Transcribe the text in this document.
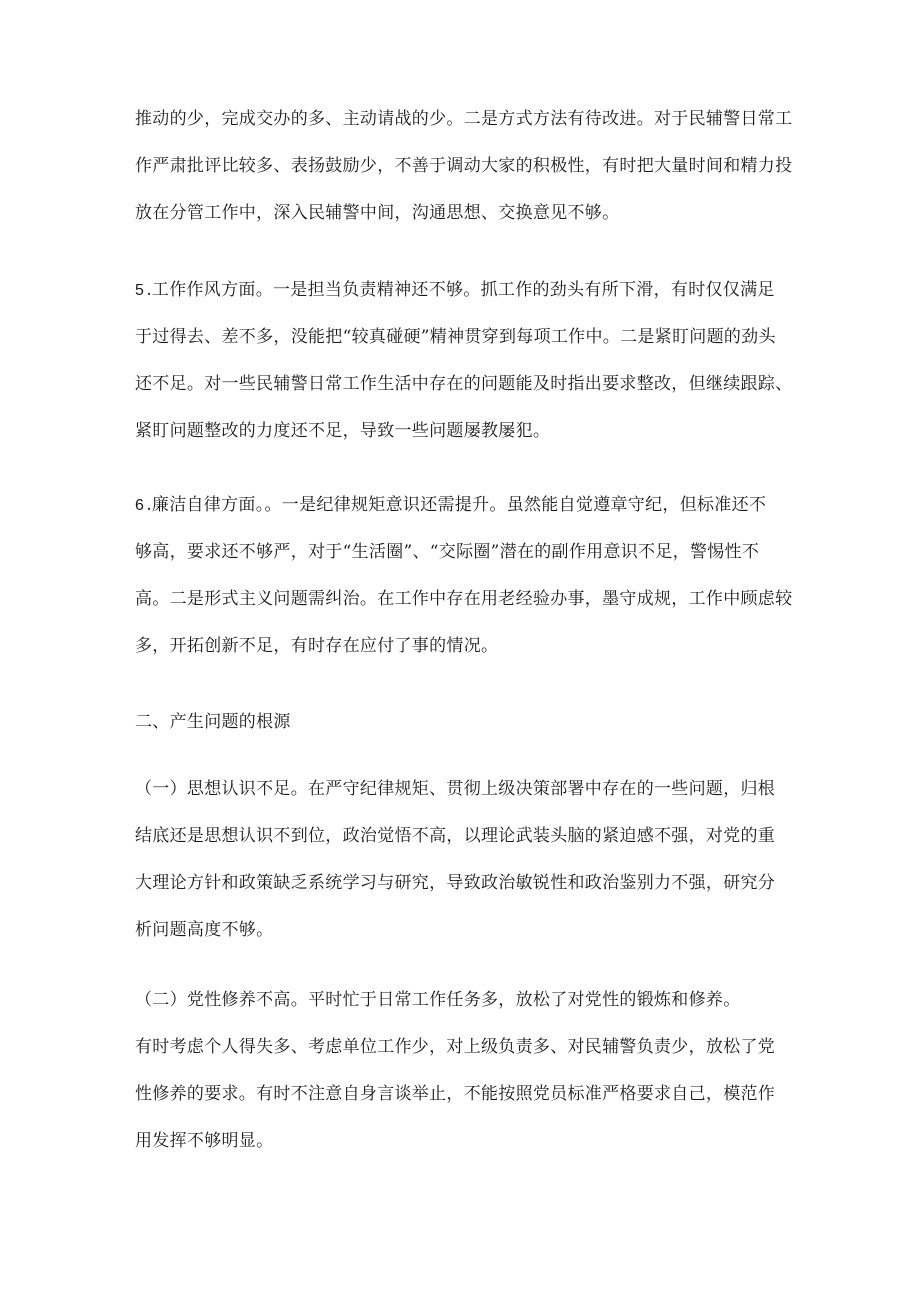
推动的少，完成交办的多、主动请战的少。二是方式方法有待改进。对于民辅警日常工
作严肃批评比较多、表扬鼓励少，不善于调动大家的积极性，有时把大量时间和精力投
放在分管工作中，深入民辅警中间，沟通思想、交换意见不够。
5 .工作作风方面。一是担当负责精神还不够。抓工作的劲头有所下滑，有时仅仅满足
于过得去、差不多，没能把“较真碰硬”精神贯穿到每项工作中。二是紧盯问题的劲头
还不足。对一些民辅警日常工作生活中存在的问题能及时指出要求整改，但继续跟踪、
紧盯问题整改的力度还不足，导致一些问题屡教屡犯。
6 .廉洁自律方面。。一是纪律规矩意识还需提升。虽然能自觉遵章守纪，但标准还不
够高，要求还不够严，对于“生活圈”、“交际圈”潜在的副作用意识不足，警惕性不
高。二是形式主义问题需纠治。在工作中存在用老经验办事，墨守成规，工作中顾虑较
多，开拓创新不足，有时存在应付了事的情况。
二、产生问题的根源
（一）思想认识不足。在严守纪律规矩、贯彻上级决策部署中存在的一些问题，归根
结底还是思想认识不到位，政治觉悟不高，以理论武装头脑的紧迫感不强，对党的重
大理论方针和政策缺乏系统学习与研究，导致政治敏锐性和政治鉴别力不强，研究分
析问题高度不够。
（二）党性修养不高。平时忙于日常工作任务多，放松了对党性的锻炼和修养。
有时考虑个人得失多、考虑单位工作少，对上级负责多、对民辅警负责少，放松了党
性修养的要求。有时不注意自身言谈举止，不能按照党员标准严格要求自己，模范作
用发挥不够明显。
